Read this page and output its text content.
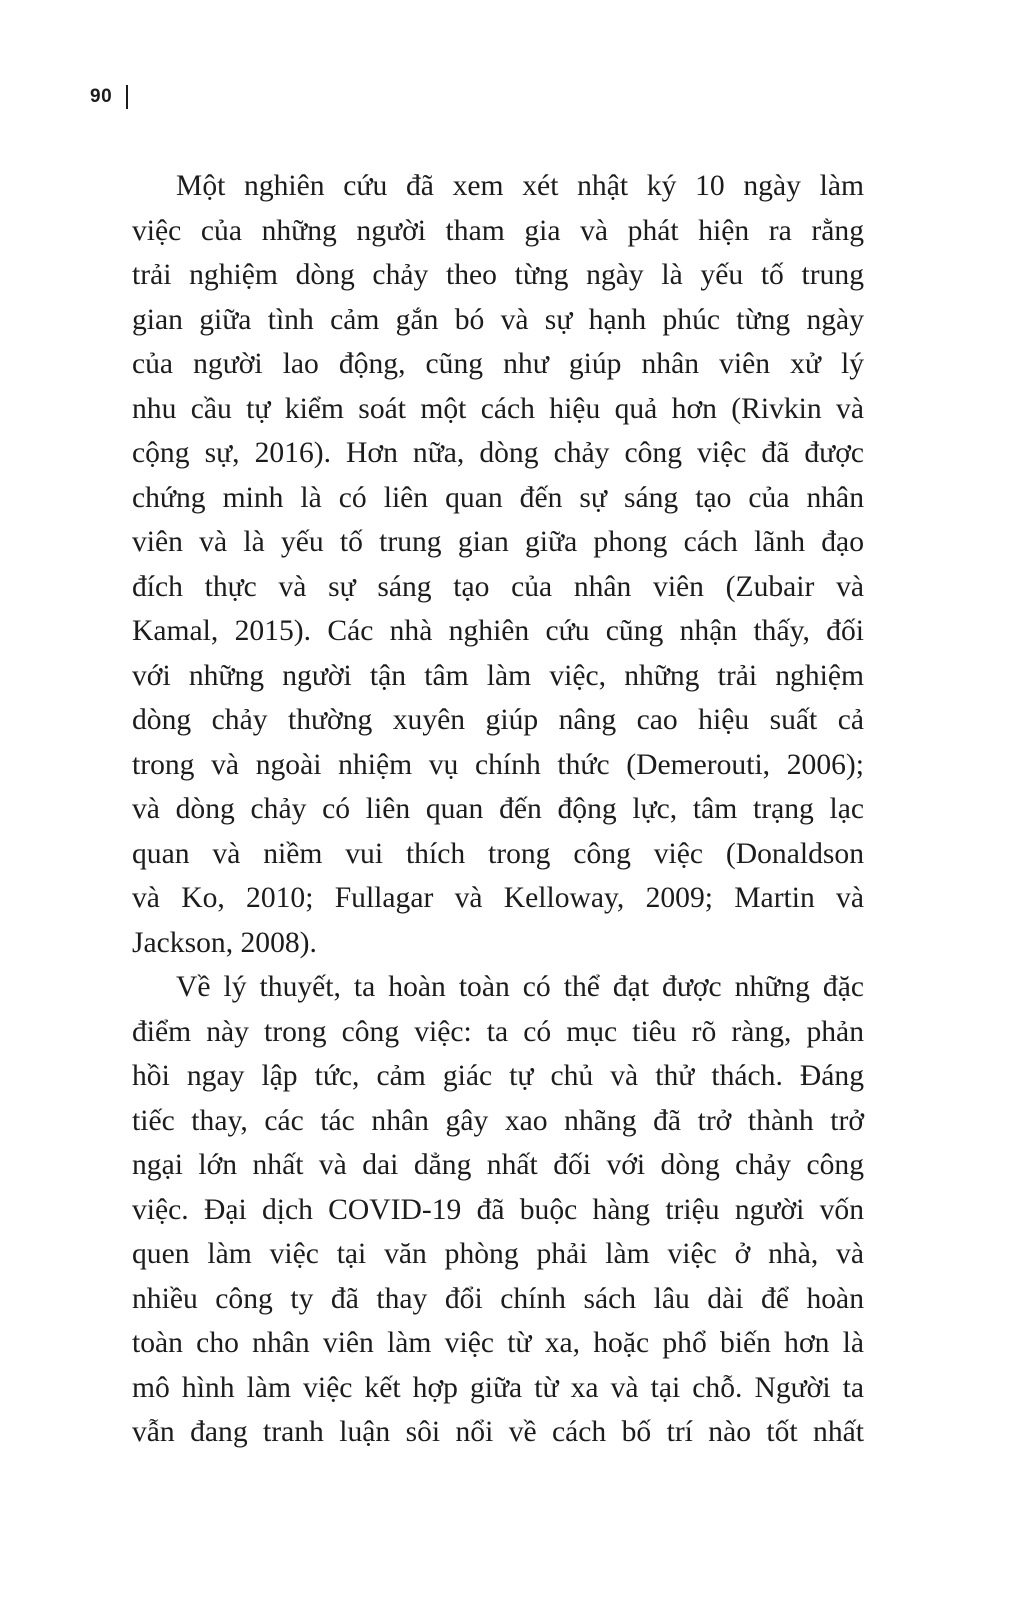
90
Một nghiên cứu đã xem xét nhật ký 10 ngày làm
việc của những người tham gia và phát hiện ra rằng
trải nghiệm dòng chảy theo từng ngày là yếu tố trung
gian giữa tình cảm gắn bó và sự hạnh phúc từng ngày
của người lao động, cũng như giúp nhân viên xử lý
nhu cầu tự kiểm soát một cách hiệu quả hơn (Rivkin và
cộng sự, 2016). Hơn nữa, dòng chảy công việc đã được
chứng minh là có liên quan đến sự sáng tạo của nhân
viên và là yếu tố trung gian giữa phong cách lãnh đạo
đích thực và sự sáng tạo của nhân viên (Zubair và
Kamal, 2015). Các nhà nghiên cứu cũng nhận thấy, đối
với những người tận tâm làm việc, những trải nghiệm
dòng chảy thường xuyên giúp nâng cao hiệu suất cả
trong và ngoài nhiệm vụ chính thức (Demerouti, 2006);
và dòng chảy có liên quan đến động lực, tâm trạng lạc
quan và niềm vui thích trong công việc (Donaldson
và Ko, 2010; Fullagar và Kelloway, 2009; Martin và
Jackson, 2008).
Về lý thuyết, ta hoàn toàn có thể đạt được những đặc
điểm này trong công việc: ta có mục tiêu rõ ràng, phản
hồi ngay lập tức, cảm giác tự chủ và thử thách. Đáng
tiếc thay, các tác nhân gây xao nhãng đã trở thành trở
ngại lớn nhất và dai dẳng nhất đối với dòng chảy công
việc. Đại dịch COVID-19 đã buộc hàng triệu người vốn
quen làm việc tại văn phòng phải làm việc ở nhà, và
nhiều công ty đã thay đổi chính sách lâu dài để hoàn
toàn cho nhân viên làm việc từ xa, hoặc phổ biến hơn là
mô hình làm việc kết hợp giữa từ xa và tại chỗ. Người ta
vẫn đang tranh luận sôi nổi về cách bố trí nào tốt nhất
